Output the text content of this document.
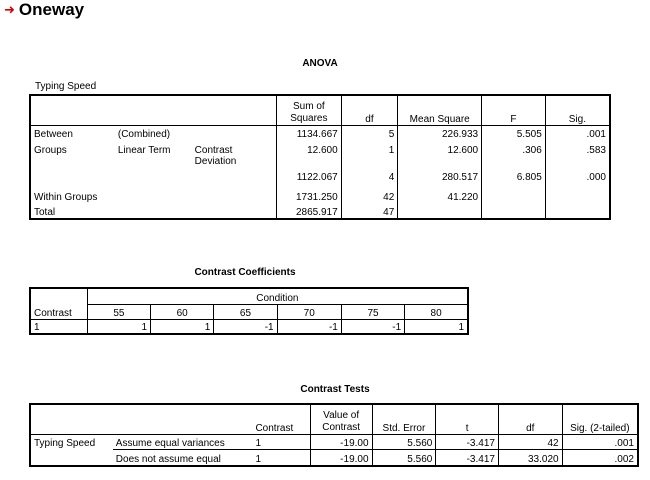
➜ Oneway
ANOVA
Typing Speed
			Sum of
Squares	df	Mean Square	F	Sig.
Between	(Combined)		1134.667	5	226.933	5.505	.001
Groups	Linear Term	Contrast	12.600	1	12.600	.306	.583
		Deviation	1122.067	4	280.517	6.805	.000
Within Groups			1731.250	42	41.220		
Total			2865.917	47			
Contrast Coefficients
Contrast	Condition					
	55	60	65	70	75	80
1	1	1	-1	-1	-1	1
Contrast Tests
		Contrast	Value of
Contrast	Std. Error	t	df	Sig. (2-tailed)
Typing Speed	Assume equal variances	1	-19.00	5.560	-3.417	42	.001
	Does not assume equal	1	-19.00	5.560	-3.417	33.020	.002
